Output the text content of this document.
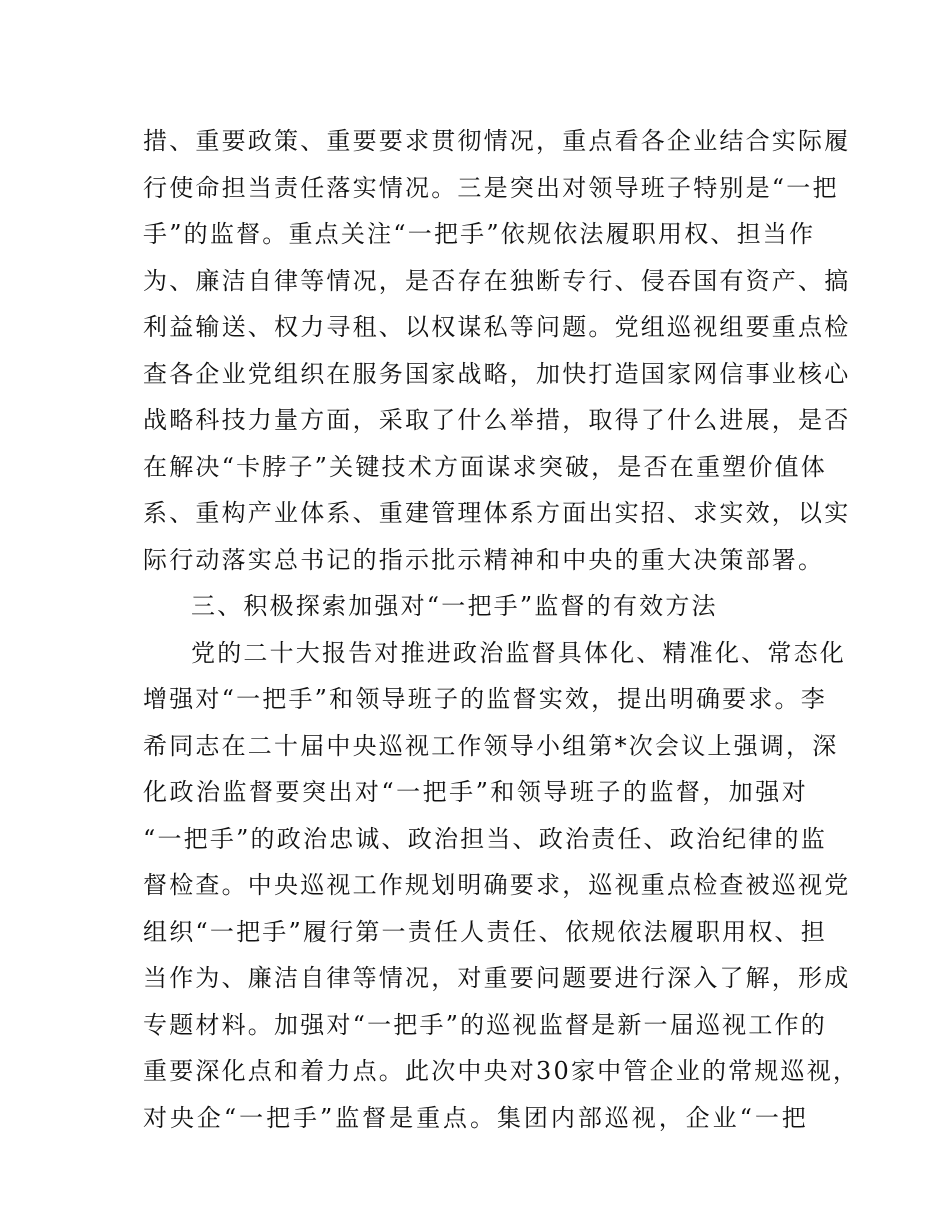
措、重要政策、重要要求贯彻情况，重点看各企业结合实际履
行使命担当责任落实情况。三是突出对领导班子特别是“一把
手”的监督。重点关注“一把手”依规依法履职用权、担当作
为、廉洁自律等情况，是否存在独断专行、侵吞国有资产、搞
利益输送、权力寻租、以权谋私等问题。党组巡视组要重点检
查各企业党组织在服务国家战略，加快打造国家网信事业核心
战略科技力量方面，采取了什么举措，取得了什么进展，是否
在解决“卡脖子”关键技术方面谋求突破，是否在重塑价值体
系、重构产业体系、重建管理体系方面出实招、求实效，以实
际行动落实总书记的指示批示精神和中央的重大决策部署。
三、积极探索加强对“一把手”监督的有效方法
党的二十大报告对推进政治监督具体化、精准化、常态化
增强对“一把手”和领导班子的监督实效，提出明确要求。李
希同志在二十届中央巡视工作领导小组第*次会议上强调，深
化政治监督要突出对“一把手”和领导班子的监督，加强对
“一把手”的政治忠诚、政治担当、政治责任、政治纪律的监
督检查。中央巡视工作规划明确要求，巡视重点检查被巡视党
组织“一把手”履行第一责任人责任、依规依法履职用权、担
当作为、廉洁自律等情况，对重要问题要进行深入了解，形成
专题材料。加强对“一把手”的巡视监督是新一届巡视工作的
重要深化点和着力点。此次中央对30家中管企业的常规巡视，
对央企“一把手”监督是重点。集团内部巡视，企业“一把
